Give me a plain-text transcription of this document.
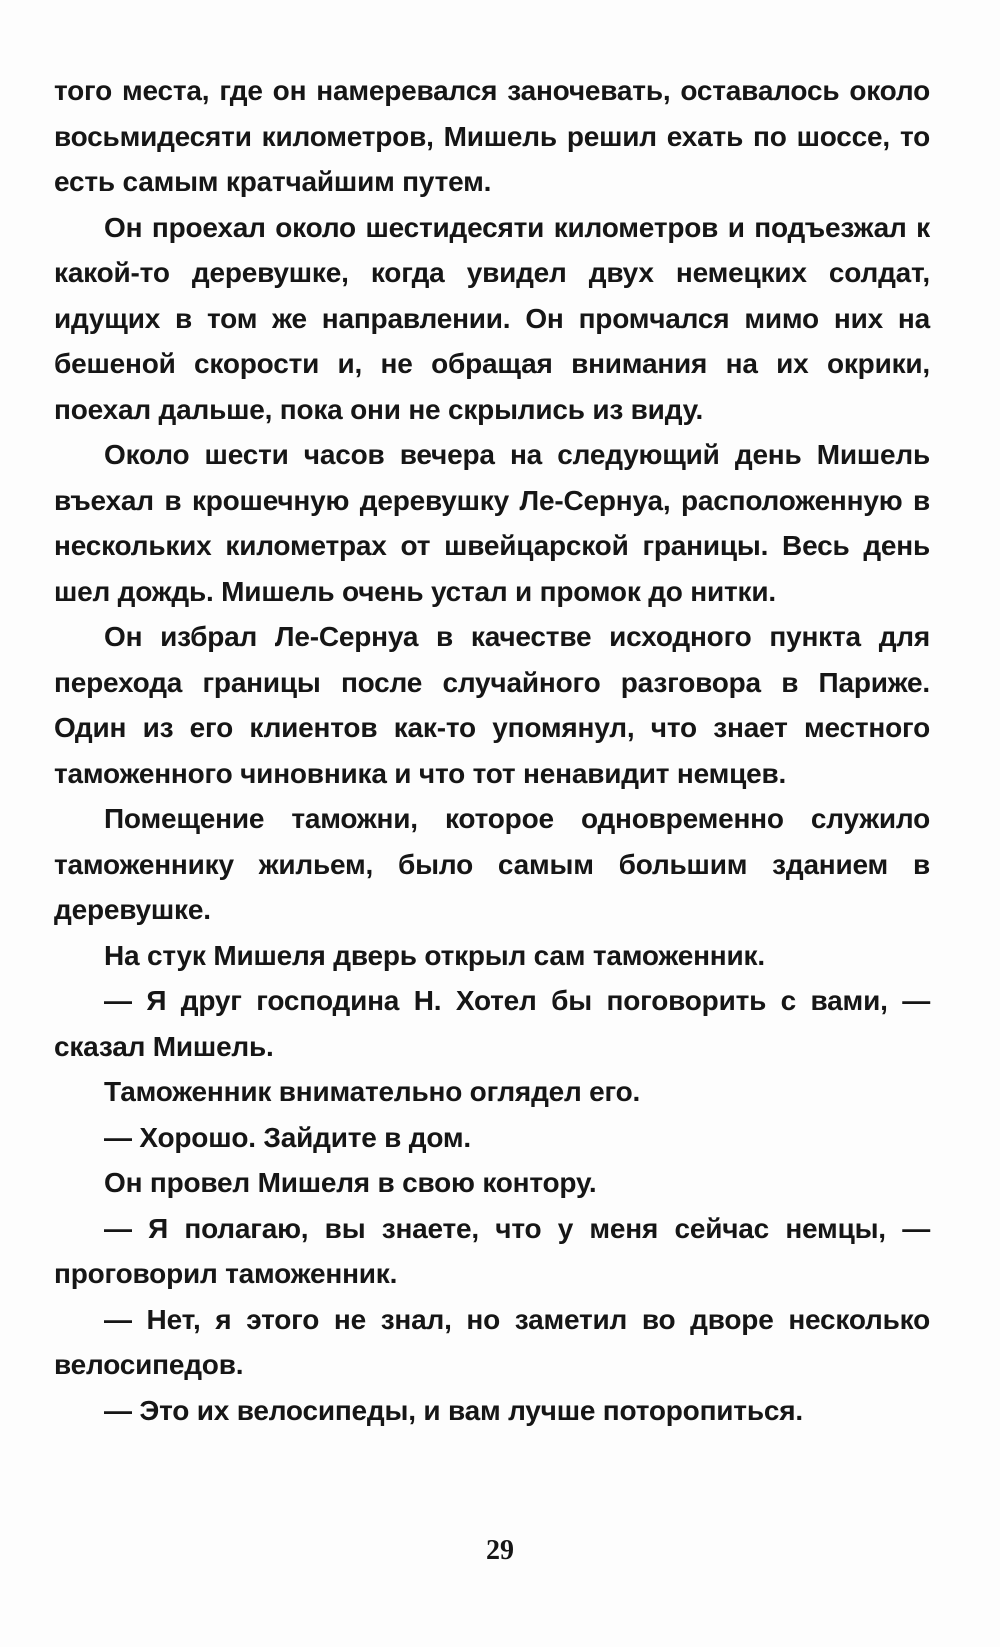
того места, где он намеревался заночевать, оставалось около восьмидесяти километров, Мишель решил ехать по шоссе, то есть самым кратчайшим путем.

Он проехал около шестидесяти километров и подъезжал к какой-то деревушке, когда увидел двух немецких солдат, идущих в том же направлении. Он промчался мимо них на бешеной скорости и, не обращая внимания на их окрики, поехал дальше, пока они не скрылись из виду.

Около шести часов вечера на следующий день Мишель въехал в крошечную деревушку Ле-Сернуа, расположенную в нескольких километрах от швейцарской границы. Весь день шел дождь. Мишель очень устал и промок до нитки.

Он избрал Ле-Сернуа в качестве исходного пункта для перехода границы после случайного разговора в Париже. Один из его клиентов как-то упомянул, что знает местного таможенного чиновника и что тот ненавидит немцев.

Помещение таможни, которое одновременно служило таможеннику жильем, было самым большим зданием в деревушке.

На стук Мишеля дверь открыл сам таможенник.

— Я друг господина Н. Хотел бы поговорить с вами, — сказал Мишель.

Таможенник внимательно оглядел его.

— Хорошо. Зайдите в дом.

Он провел Мишеля в свою контору.

— Я полагаю, вы знаете, что у меня сейчас немцы, — проговорил таможенник.

— Нет, я этого не знал, но заметил во дворе несколько велосипедов.

— Это их велосипеды, и вам лучше поторопиться.

29
